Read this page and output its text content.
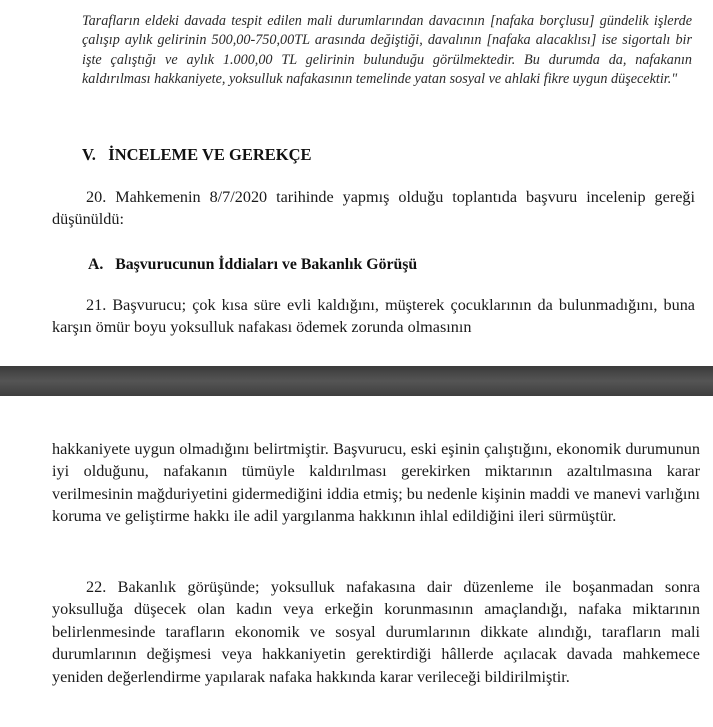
Tarafların eldeki davada tespit edilen mali durumlarından davacının [nafaka borçlusu] gündelik işlerde çalışıp aylık gelirinin 500,00-750,00TL arasında değiştiği, davalının [nafaka alacaklısı] ise sigortalı bir işte çalıştığı ve aylık 1.000,00 TL gelirinin bulunduğu görülmektedir. Bu durumda da, nafakanın kaldırılması hakkaniyete, yoksulluk nafakasının temelinde yatan sosyal ve ahlaki fikre uygun düşecektir."

V.   İNCELEME VE GEREKÇE

20. Mahkemenin 8/7/2020 tarihinde yapmış olduğu toplantıda başvuru incelenip gereği düşünüldü:

A.   Başvurucunun İddiaları ve Bakanlık Görüşü

21. Başvurucu; çok kısa süre evli kaldığını, müşterek çocuklarının da bulunmadığını, buna karşın ömür boyu yoksulluk nafakası ödemek zorunda olmasının

hakkaniyete uygun olmadığını belirtmiştir. Başvurucu, eski eşinin çalıştığını, ekonomik durumunun iyi olduğunu, nafakanın tümüyle kaldırılması gerekirken miktarının azaltılmasına karar verilmesinin mağduriyetini gidermediğini iddia etmiş; bu nedenle kişinin maddi ve manevi varlığını koruma ve geliştirme hakkı ile adil yargılanma hakkının ihlal edildiğini ileri sürmüştür.

22. Bakanlık görüşünde; yoksulluk nafakasına dair düzenleme ile boşanmadan sonra yoksulluğa düşecek olan kadın veya erkeğin korunmasının amaçlandığı, nafaka miktarının belirlenmesinde tarafların ekonomik ve sosyal durumlarının dikkate alındığı, tarafların mali durumlarının değişmesi veya hakkaniyetin gerektirdiği hâllerde açılacak davada mahkemece yeniden değerlendirme yapılarak nafaka hakkında karar verileceği bildirilmiştir.
